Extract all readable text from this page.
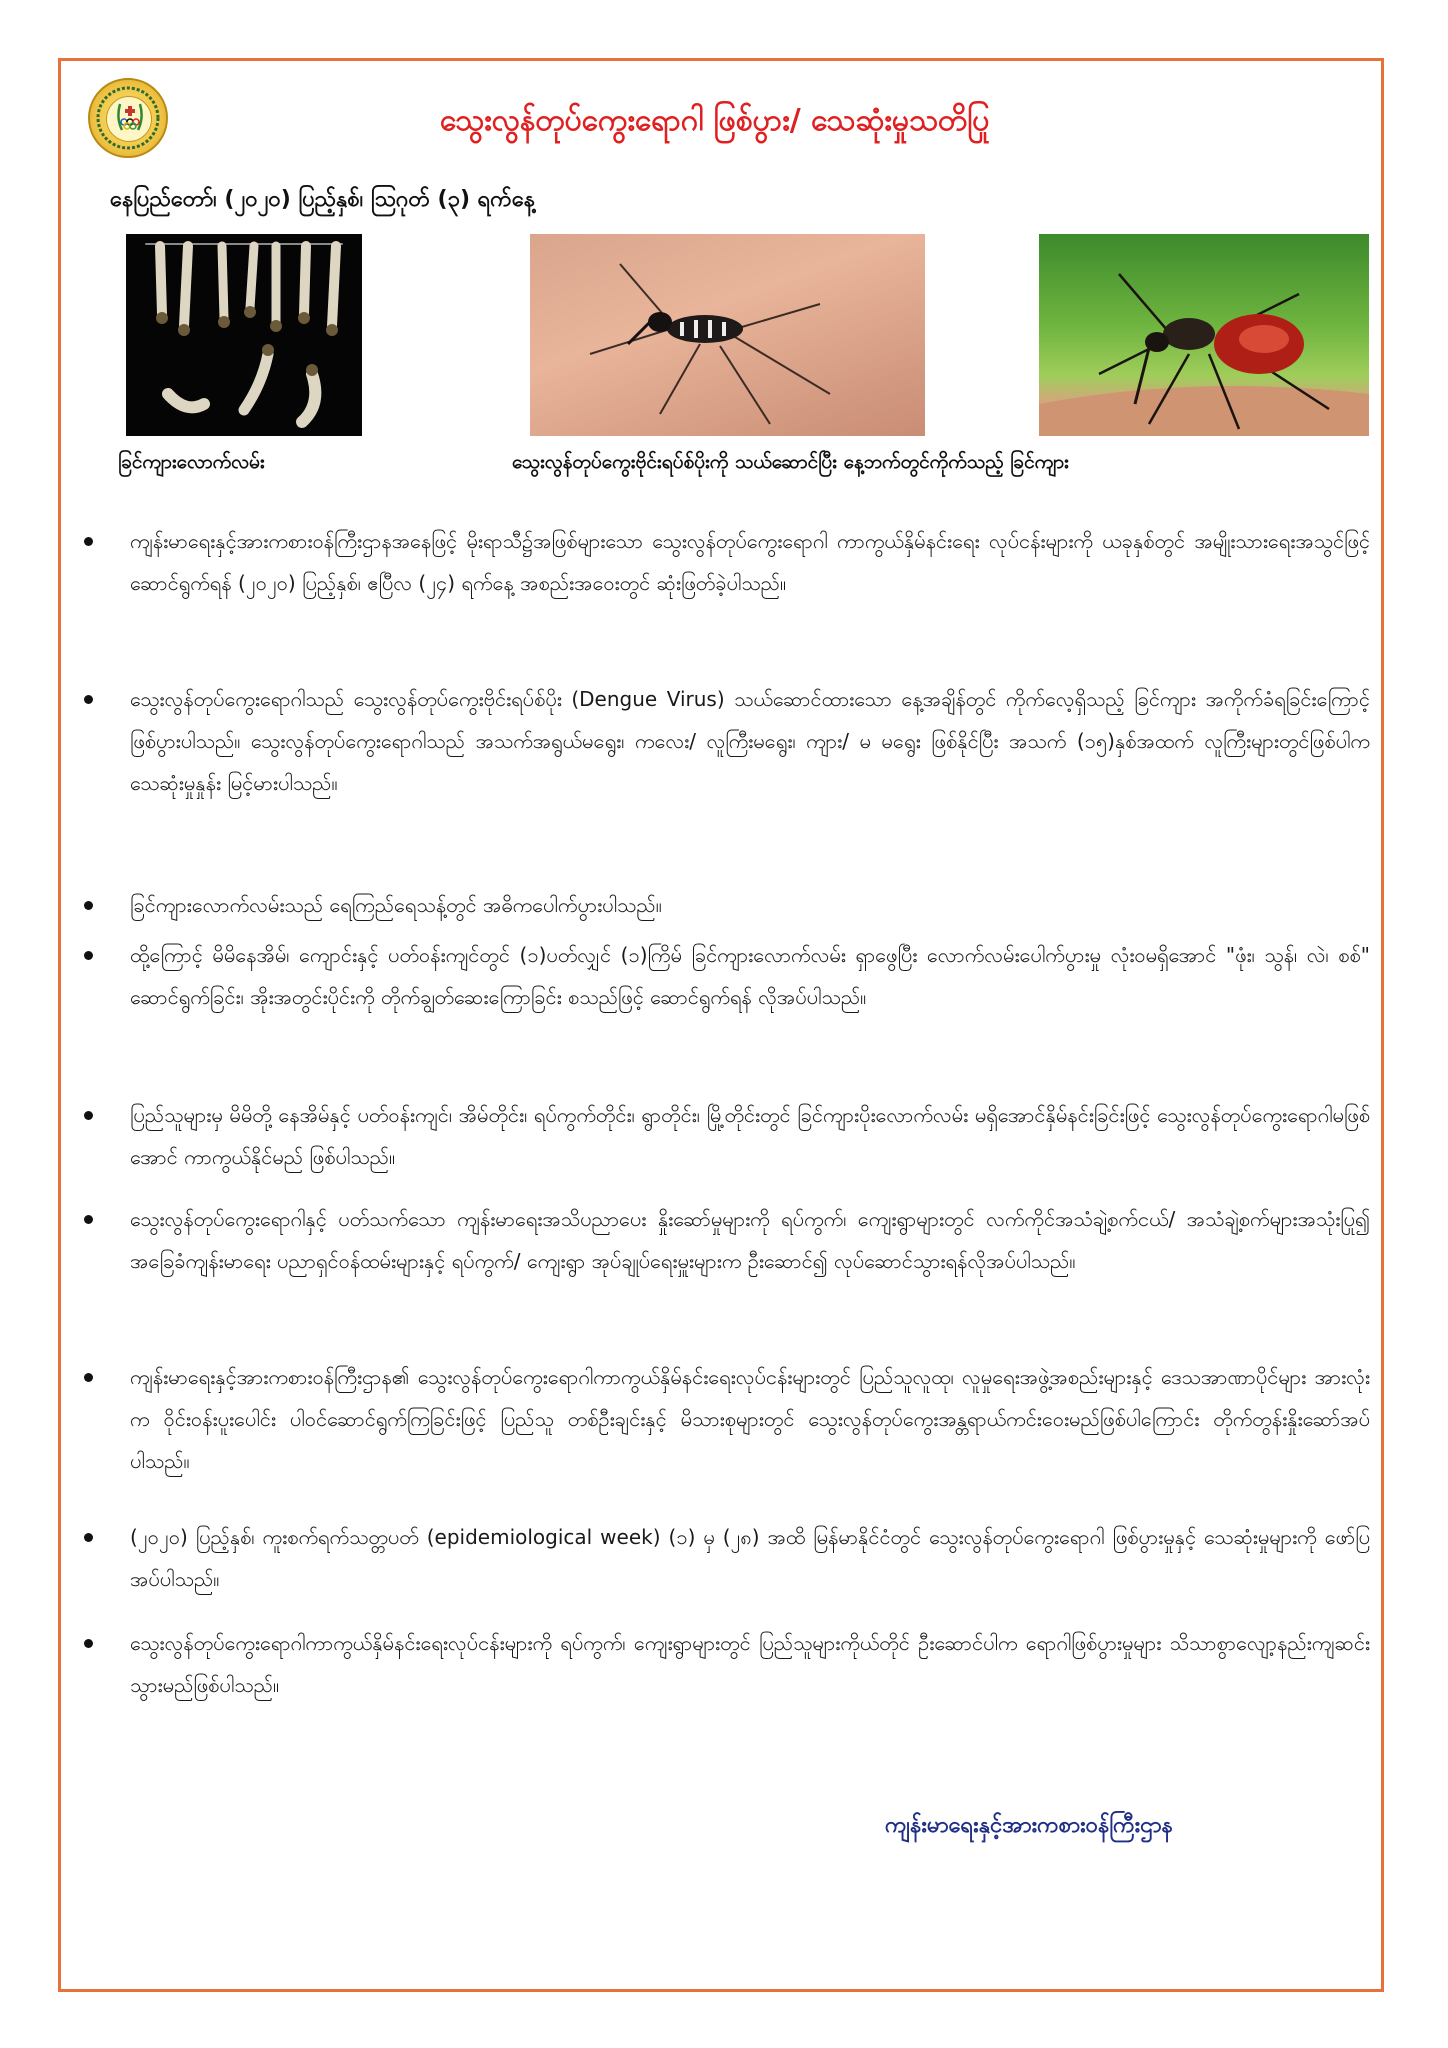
သွေးလွန်တုပ်ကွေးရောဂါ ဖြစ်ပွား/ သေဆုံးမှုသတိပြု
နေပြည်တော်၊ (၂၀၂၀) ပြည့်နှစ်၊ ဩဂုတ် (၃) ရက်နေ့
ခြင်ကျားလောက်လမ်း	သွေးလွန်တုပ်ကွေးဗိုင်းရပ်စ်ပိုးကို သယ်ဆောင်ပြီး နေ့ဘက်တွင်ကိုက်သည့် ခြင်ကျား
ကျန်းမာရေးနှင့်အားကစားဝန်ကြီးဌာနအနေဖြင့် မိုးရာသီ၌အဖြစ်များသော သွေးလွန်တုပ်ကွေးရောဂါ ကာကွယ်နှိမ်နင်းရေး လုပ်ငန်းများကို ယခုနှစ်တွင် အမျိုးသားရေးအသွင်ဖြင့် ဆောင်ရွက်ရန် (၂၀၂၀) ပြည့်နှစ်၊ ဧပြီလ (၂၄) ရက်နေ့ အစည်းအဝေးတွင် ဆုံးဖြတ်ခဲ့ပါသည်။
သွေးလွန်တုပ်ကွေးရောဂါသည် သွေးလွန်တုပ်ကွေးဗိုင်းရပ်စ်ပိုး (Dengue Virus) သယ်ဆောင်ထားသော နေ့အချိန်တွင် ကိုက်လေ့ရှိသည့် ခြင်ကျား အကိုက်ခံရခြင်းကြောင့် ဖြစ်ပွားပါသည်။ သွေးလွန်တုပ်ကွေးရောဂါသည် အသက်အရွယ်မရွေး၊ ကလေး/ လူကြီးမရွေး၊ ကျား/ မ မရွေး ဖြစ်နိုင်ပြီး အသက် (၁၅)နှစ်အထက် လူကြီးများတွင်ဖြစ်ပါက သေဆုံးမှုနှုန်း မြင့်မားပါသည်။
ခြင်ကျားလောက်လမ်းသည် ရေကြည်ရေသန့်တွင် အဓိကပေါက်ပွားပါသည်။
ထို့ကြောင့် မိမိနေအိမ်၊ ကျောင်းနှင့် ပတ်ဝန်းကျင်တွင် (၁)ပတ်လျှင် (၁)ကြိမ် ခြင်ကျားလောက်လမ်း ရှာဖွေပြီး လောက်လမ်းပေါက်ပွားမှု လုံးဝမရှိအောင် "ဖုံး၊ သွန်၊ လဲ၊ စစ်" ဆောင်ရွက်ခြင်း၊ အိုးအတွင်းပိုင်းကို တိုက်ချွတ်ဆေးကြောခြင်း စသည်ဖြင့် ဆောင်ရွက်ရန် လိုအပ်ပါသည်။
ပြည်သူများမှ မိမိတို့ နေအိမ်နှင့် ပတ်ဝန်းကျင်၊ အိမ်တိုင်း၊ ရပ်ကွက်တိုင်း၊ ရွာတိုင်း၊ မြို့တိုင်းတွင် ခြင်ကျားပိုးလောက်လမ်း မရှိအောင်နှိမ်နင်းခြင်းဖြင့် သွေးလွန်တုပ်ကွေးရောဂါမဖြစ်အောင် ကာကွယ်နိုင်မည် ဖြစ်ပါသည်။
သွေးလွန်တုပ်ကွေးရောဂါနှင့် ပတ်သက်သော ကျန်းမာရေးအသိပညာပေး နှိုးဆော်မှုများကို ရပ်ကွက်၊ ကျေးရွာများတွင် လက်ကိုင်အသံချဲ့စက်ငယ်/ အသံချဲ့စက်များအသုံးပြု၍ အခြေခံကျန်းမာရေး ပညာရှင်ဝန်ထမ်းများနှင့် ရပ်ကွက်/ ကျေးရွာ အုပ်ချုပ်ရေးမှူးများက ဦးဆောင်၍ လုပ်ဆောင်သွားရန်လိုအပ်ပါသည်။
ကျန်းမာရေးနှင့်အားကစားဝန်ကြီးဌာန၏ သွေးလွန်တုပ်ကွေးရောဂါကာကွယ်နှိမ်နင်းရေးလုပ်ငန်းများတွင် ပြည်သူလူထု၊ လူမှုရေးအဖွဲ့အစည်းများနှင့် ဒေသအာဏာပိုင်များ အားလုံးက ဝိုင်းဝန်းပူးပေါင်း ပါဝင်ဆောင်ရွက်ကြခြင်းဖြင့် ပြည်သူ တစ်ဦးချင်းနှင့် မိသားစုများတွင် သွေးလွန်တုပ်ကွေးအန္တရာယ်ကင်းဝေးမည်ဖြစ်ပါကြောင်း တိုက်တွန်းနှိုးဆော်အပ်ပါသည်။
(၂၀၂၀) ပြည့်နှစ်၊ ကူးစက်ရက်သတ္တပတ် (epidemiological week) (၁) မှ (၂၈) အထိ မြန်မာနိုင်ငံတွင် သွေးလွန်တုပ်ကွေးရောဂါ ဖြစ်ပွားမှုနှင့် သေဆုံးမှုများကို ဖော်ပြအပ်ပါသည်။
သွေးလွန်တုပ်ကွေးရောဂါကာကွယ်နှိမ်နင်းရေးလုပ်ငန်းများကို ရပ်ကွက်၊ ကျေးရွာများတွင် ပြည်သူများကိုယ်တိုင် ဦးဆောင်ပါက ရောဂါဖြစ်ပွားမှုများ သိသာစွာလျော့နည်းကျဆင်းသွားမည်ဖြစ်ပါသည်။
ကျန်းမာရေးနှင့်အားကစားဝန်ကြီးဌာန
